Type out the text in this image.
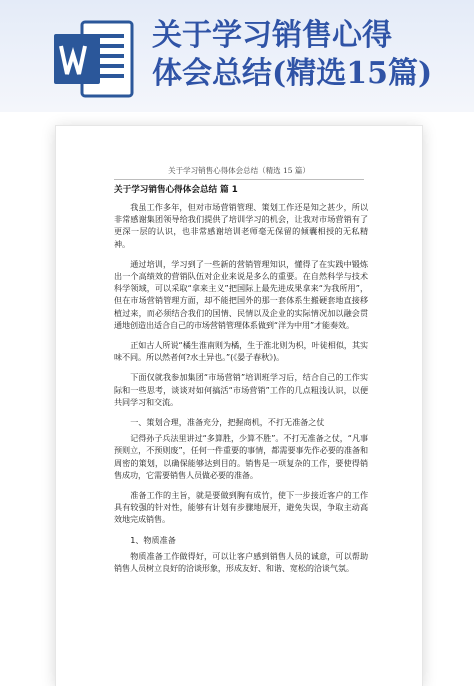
关于学习销售心得
体会总结(精选15篇)
关于学习销售心得体会总结（精选 15 篇）
关于学习销售心得体会总结 篇 1

我虽工作多年，但对市场营销管理、策划工作还是知之甚少，所以非常感谢集团领导给我们提供了培训学习的机会，让我对市场营销有了更深一层的认识，也非常感谢培训老师毫无保留的倾囊相授的无私精神。

通过培训，学习到了一些新的营销管理知识，懂得了在实践中锻炼出一个高绩效的营销队伍对企业来说是多么的重要。在自然科学与技术科学领域，可以采取“拿来主义”把国际上最先进成果拿来“为我所用”，但在市场营销管理方面，却不能把国外的那一套体系生搬硬套地直接移植过来，而必须结合我们的国情、民情以及企业的实际情况加以融会贯通地创造出适合自己的市场营销管理体系做到“洋为中用”才能奏效。

正如古人所说“橘生淮南则为橘，生于淮北则为枳，叶徒相似，其实味不同。所以然者何?水土异也。”(《晏子春秋》)。

下面仅就我参加集团“市场营销”培训班学习后，结合自己的工作实际和一些思考，谈谈对如何搞活“市场营销”工作的几点粗浅认识，以便共同学习和交流。

一、策划合理，准备充分，把握商机，不打无准备之仗

记得孙子兵法里讲过“多算胜，少算不胜”。不打无准备之仗，“凡事预则立，不预则废”，任何一件重要的事情，都需要事先作必要的准备和周密的策划，以确保能够达到目的。销售是一项复杂的工作，要使得销售成功，它需要销售人员做必要的准备。

准备工作的主旨，就是要做到胸有成竹，使下一步接近客户的工作具有较强的针对性，能够有计划有步骤地展开，避免失误，争取主动高效地完成销售。

1、物质准备

物质准备工作做得好，可以让客户感到销售人员的诚意，可以帮助销售人员树立良好的洽谈形象，形成友好、和谐、宽松的洽谈气氛。
